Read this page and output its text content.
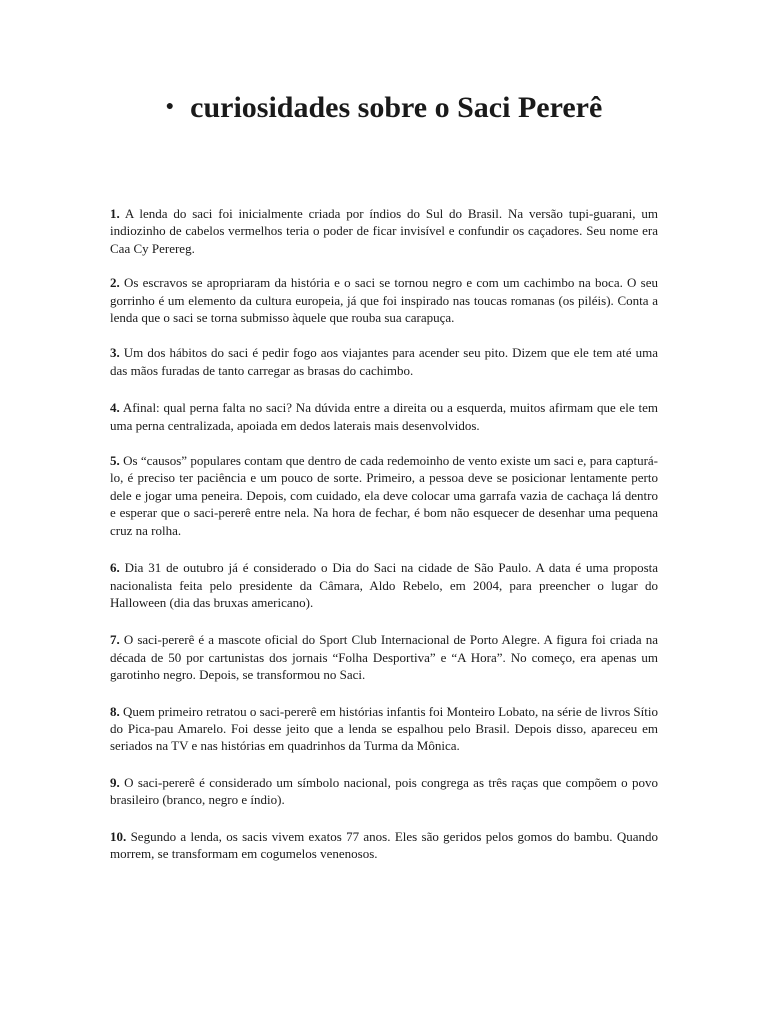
● curiosidades sobre o Saci Pererê

1. A lenda do saci foi inicialmente criada por índios do Sul do Brasil. Na versão tupi-guarani, um indiozinho de cabelos vermelhos teria o poder de ficar invisível e confundir os caçadores. Seu nome era Caa Cy Perereg.

2. Os escravos se apropriaram da história e o saci se tornou negro e com um cachimbo na boca. O seu gorrinho é um elemento da cultura europeia, já que foi inspirado nas toucas romanas (os piléis). Conta a lenda que o saci se torna submisso àquele que rouba sua carapuça.

3. Um dos hábitos do saci é pedir fogo aos viajantes para acender seu pito. Dizem que ele tem até uma das mãos furadas de tanto carregar as brasas do cachimbo.

4. Afinal: qual perna falta no saci? Na dúvida entre a direita ou a esquerda, muitos afirmam que ele tem uma perna centralizada, apoiada em dedos laterais mais desenvolvidos.

5. Os “causos” populares contam que dentro de cada redemoinho de vento existe um saci e, para capturá-lo, é preciso ter paciência e um pouco de sorte. Primeiro, a pessoa deve se posicionar lentamente perto dele e jogar uma peneira. Depois, com cuidado, ela deve colocar uma garrafa vazia de cachaça lá dentro e esperar que o saci-pererê entre nela. Na hora de fechar, é bom não esquecer de desenhar uma pequena cruz na rolha.

6. Dia 31 de outubro já é considerado o Dia do Saci na cidade de São Paulo. A data é uma proposta nacionalista feita pelo presidente da Câmara, Aldo Rebelo, em 2004, para preencher o lugar do Halloween (dia das bruxas americano).

7. O saci-pererê é a mascote oficial do Sport Club Internacional de Porto Alegre. A figura foi criada na década de 50 por cartunistas dos jornais “Folha Desportiva” e “A Hora”. No começo, era apenas um garotinho negro. Depois, se transformou no Saci.

8. Quem primeiro retratou o saci-pererê em histórias infantis foi Monteiro Lobato, na série de livros Sítio do Pica-pau Amarelo. Foi desse jeito que a lenda se espalhou pelo Brasil. Depois disso, apareceu em seriados na TV e nas histórias em quadrinhos da Turma da Mônica.

9. O saci-pererê é considerado um símbolo nacional, pois congrega as três raças que compõem o povo brasileiro (branco, negro e índio).

10. Segundo a lenda, os sacis vivem exatos 77 anos. Eles são geridos pelos gomos do bambu. Quando morrem, se transformam em cogumelos venenosos.
